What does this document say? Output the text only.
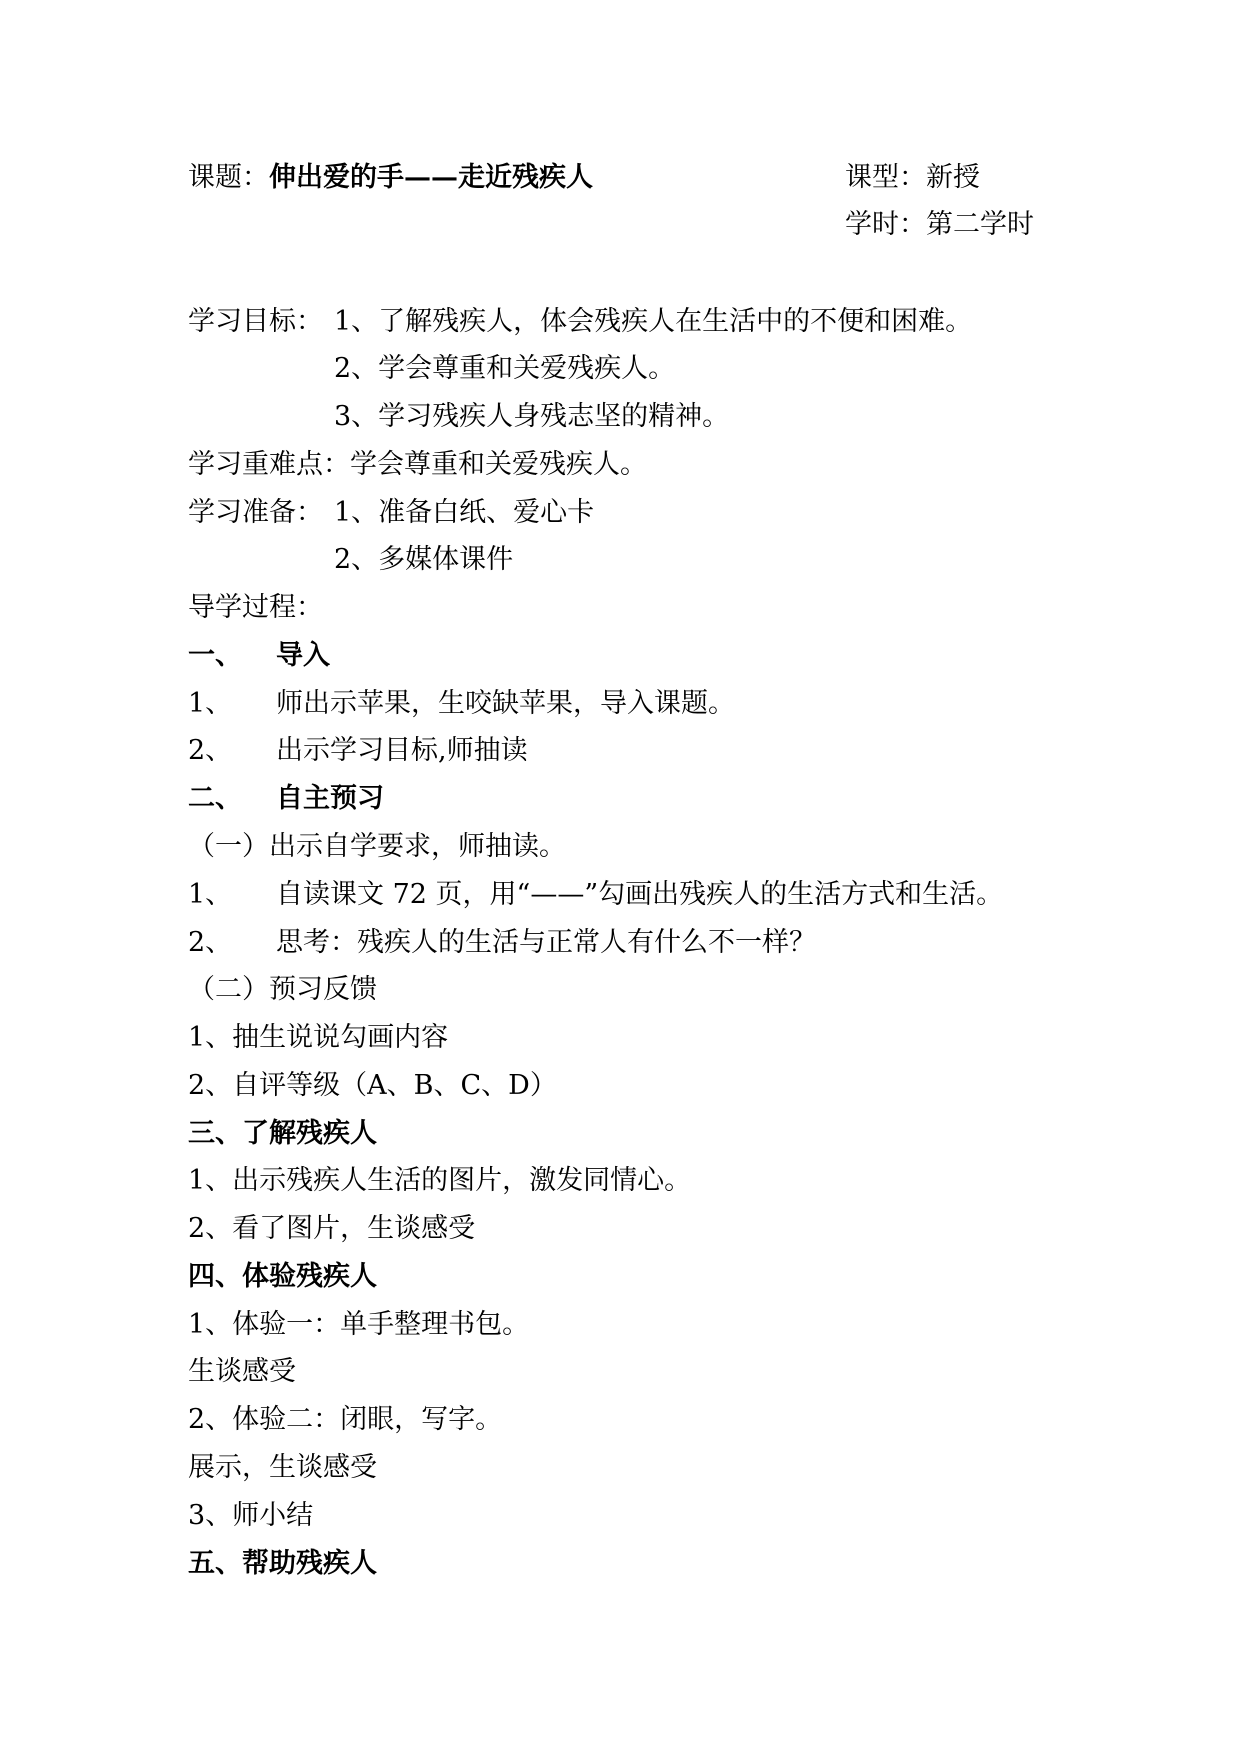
课题：伸出爱的手——走近残疾人	课型：新授
学时：第二学时
学习目标： 1、了解残疾人，体会残疾人在生活中的不便和困难。
2、学会尊重和关爱残疾人。
3、学习残疾人身残志坚的精神。
学习重难点：学会尊重和关爱残疾人。
学习准备： 1、准备白纸、爱心卡
2、多媒体课件
导学过程：
一、 导入
1、 师出示苹果，生咬缺苹果，导入课题。
2、 出示学习目标,师抽读
二、 自主预习
（一）出示自学要求，师抽读。
1、 自读课文 72 页，用“——”勾画出残疾人的生活方式和生活。
2、 思考：残疾人的生活与正常人有什么不一样？
（二）预习反馈
1、抽生说说勾画内容
2、自评等级（A、B、C、D）
三、了解残疾人
1、出示残疾人生活的图片，激发同情心。
2、看了图片，生谈感受
四、体验残疾人
1、体验一：单手整理书包。
生谈感受
2、体验二：闭眼，写字。
展示，生谈感受
3、师小结
五、帮助残疾人
